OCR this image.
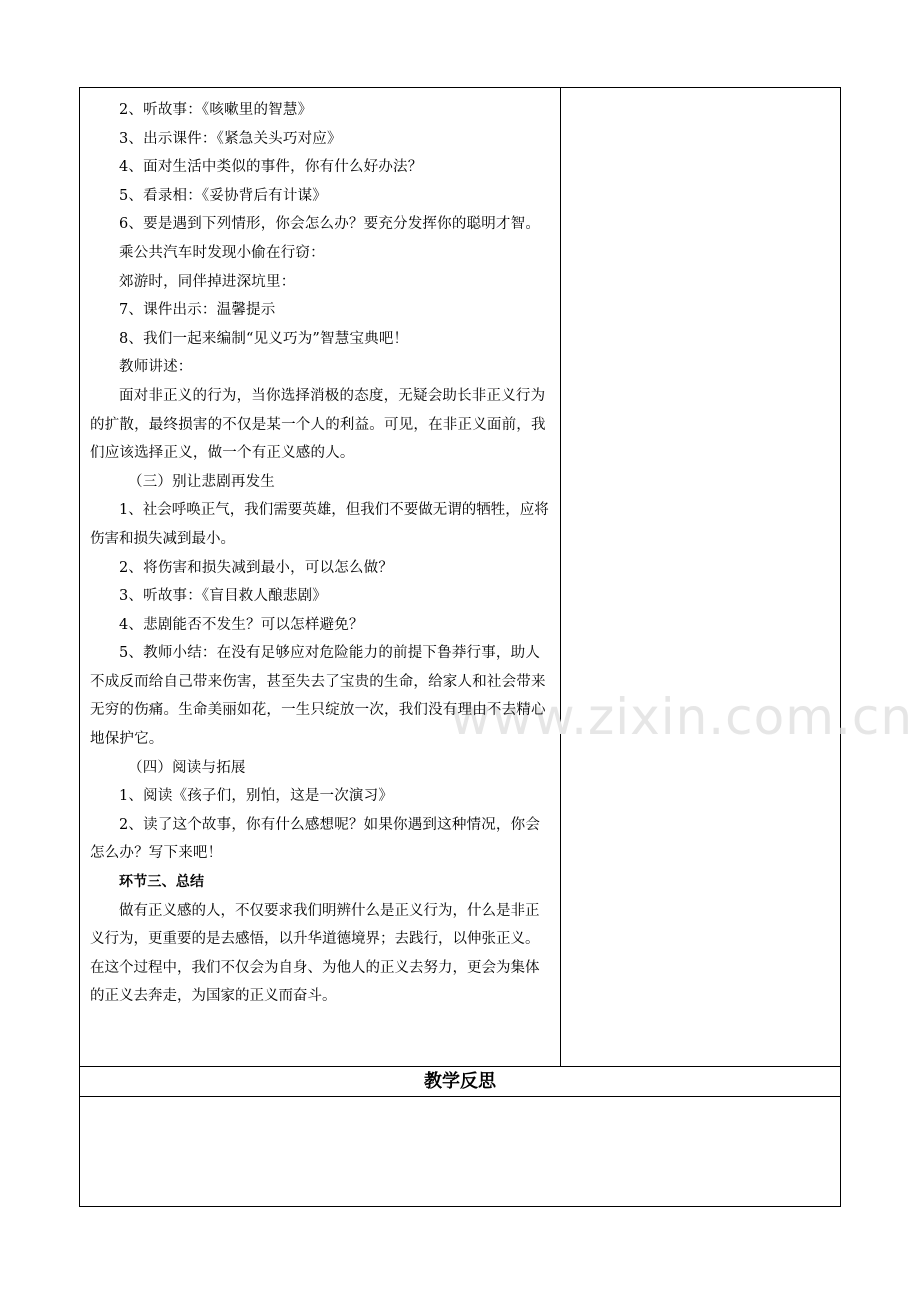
www.zixin.com.cn

2、听故事：《咳嗽里的智慧》

3、出示课件：《紧急关头巧对应》

4、面对生活中类似的事件，你有什么好办法？

5、看录相：《妥协背后有计谋》

6、要是遇到下列情形，你会怎么办？要充分发挥你的聪明才智。

乘公共汽车时发现小偷在行窃：

郊游时，同伴掉进深坑里：

7、课件出示：温馨提示

8、我们一起来编制“见义巧为”智慧宝典吧！

教师讲述：

面对非正义的行为，当你选择消极的态度，无疑会助长非正义行为的扩散，最终损害的不仅是某一个人的利益。可见，在非正义面前，我们应该选择正义，做一个有正义感的人。

（三）别让悲剧再发生

1、社会呼唤正气，我们需要英雄，但我们不要做无谓的牺牲，应将伤害和损失减到最小。

2、将伤害和损失减到最小，可以怎么做？

3、听故事：《盲目救人酿悲剧》

4、悲剧能否不发生？可以怎样避免？

5、教师小结：在没有足够应对危险能力的前提下鲁莽行事，助人不成反而给自己带来伤害，甚至失去了宝贵的生命，给家人和社会带来无穷的伤痛。生命美丽如花，一生只绽放一次，我们没有理由不去精心地保护它。

（四）阅读与拓展

1、阅读《孩子们，别怕，这是一次演习》

2、读了这个故事，你有什么感想呢？如果你遇到这种情况，你会怎么办？写下来吧！

环节三、总结

做有正义感的人，不仅要求我们明辨什么是正义行为，什么是非正义行为，更重要的是去感悟，以升华道德境界；去践行，以伸张正义。在这个过程中，我们不仅会为自身、为他人的正义去努力，更会为集体的正义去奔走，为国家的正义而奋斗。

教学反思
